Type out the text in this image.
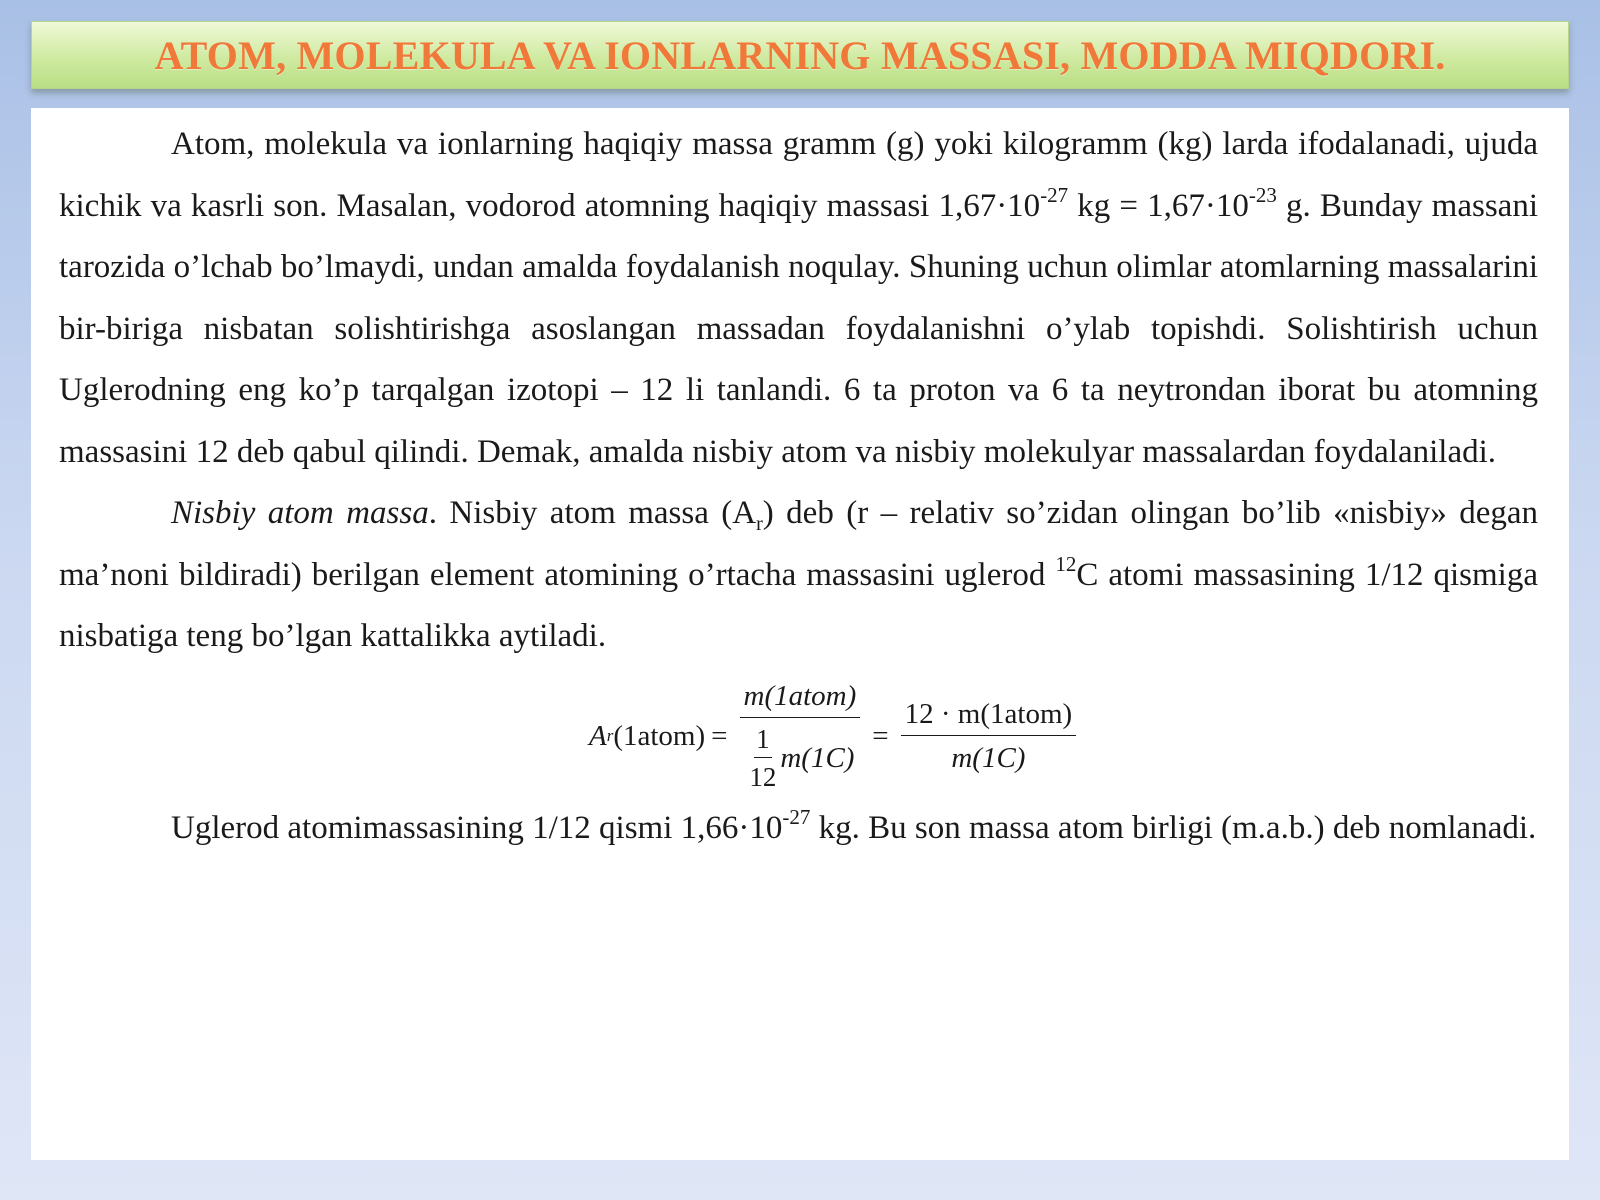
ATOM, MOLEKULA VA IONLARNING MASSASI, MODDA MIQDORI.

Atom, molekula va ionlarning haqiqiy massa gramm (g) yoki kilogramm (kg) larda ifodalanadi, ujuda kichik va kasrli son. Masalan, vodorod atomning haqiqiy massasi $1,67\cdot 10^{-27}$ kg = $1,67\cdot 10^{-23}$ g. Bunday massani tarozida o’lchab bo’lmaydi, undan amalda foydalanish noqulay. Shuning uchun olimlar atomlarning massalarini bir-biriga nisbatan solishtirishga asoslangan massadan foydalanishni o’ylab topishdi. Solishtirish uchun Uglerodning eng ko’p tarqalgan izotopi – 12 li tanlandi. 6 ta proton va 6 ta neytrondan iborat bu atomning massasini 12 deb qabul qilindi. Demak, amalda nisbiy atom va nisbiy molekulyar massalardan foydalaniladi.

Nisbiy atom massa. Nisbiy atom massa $(A_r)$ deb (r – relativ so’zidan olingan bo’lib «nisbiy» degan ma’noni bildiradi) berilgan element atomining o’rtacha massasini uglerod $^{12}$C atomi massasining 1/12 qismiga nisbatiga teng bo’lgan kattalikka aytiladi.

A r (1atom) = $\frac{\text{m(1atom)}}{\frac{1}{12} m(1C)} = \frac{\text{12 · m(1atom)}}{m(1C)}$

Uglerod atomimassasining 1/12 qismi $1,66\cdot 10^{-27}$ kg. Bu son massa atom birligi (m.a.b.) deb nomlanadi.
